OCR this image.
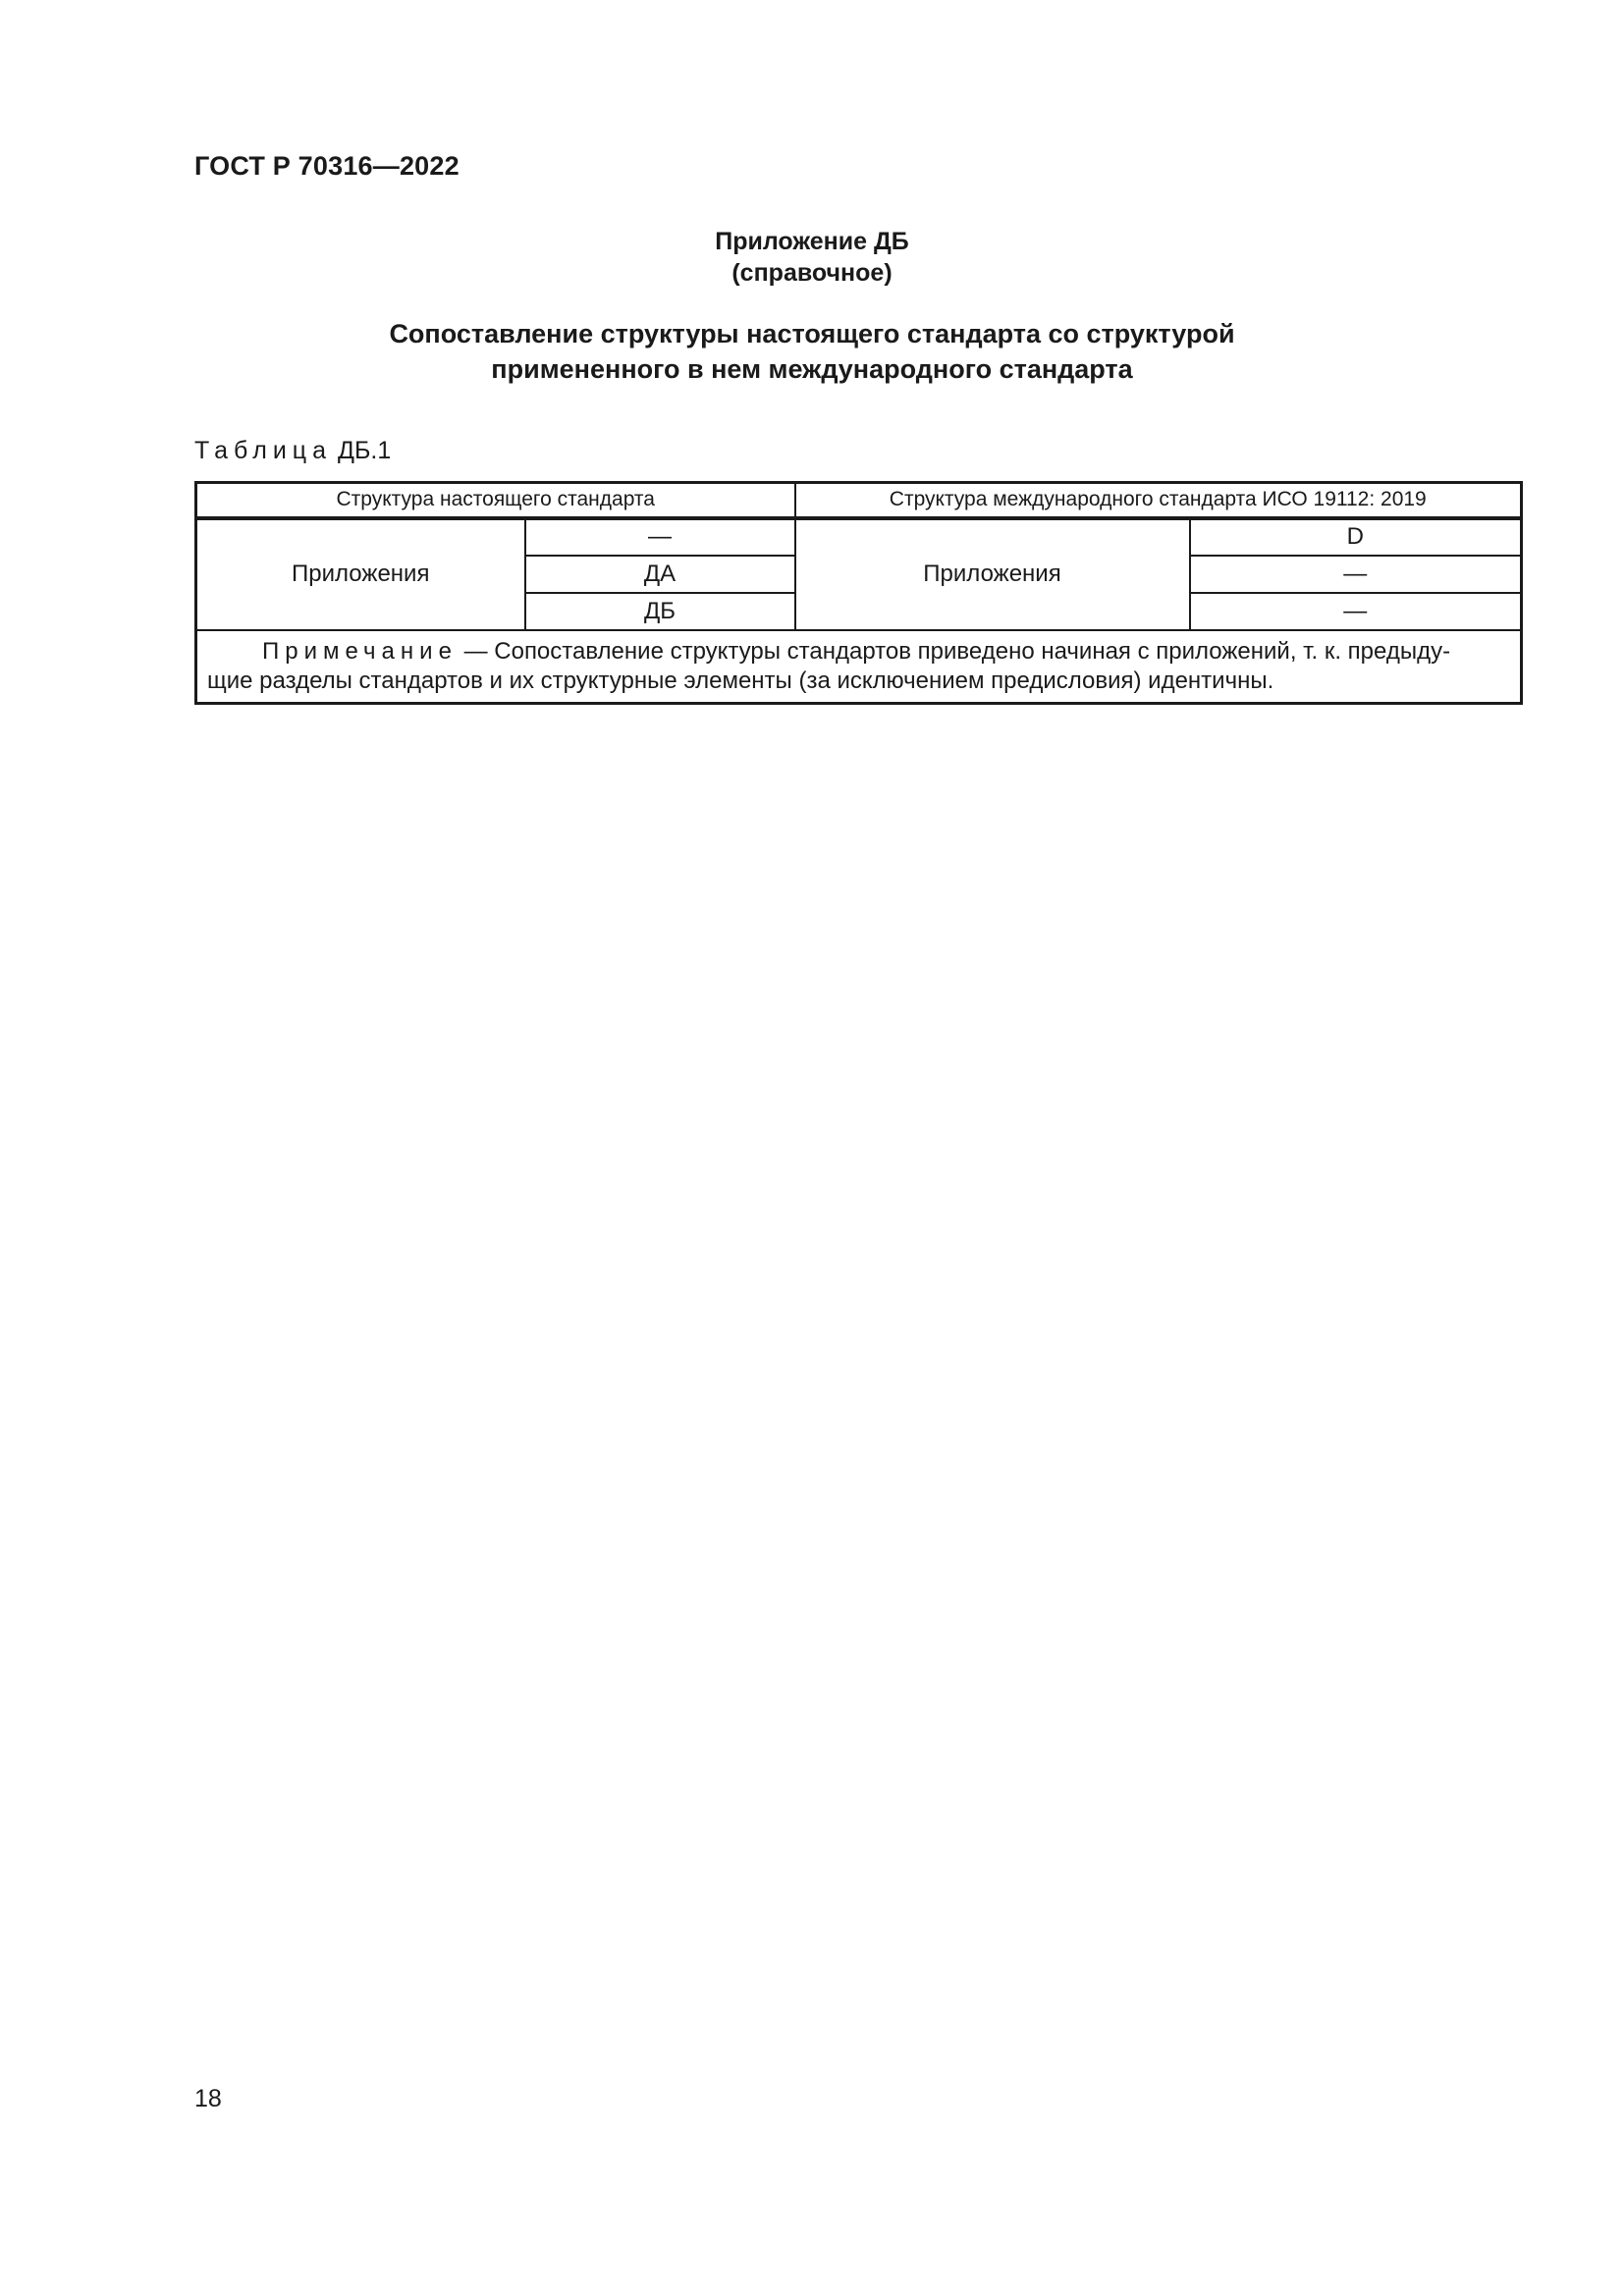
ГОСТ Р 70316—2022
Приложение ДБ
(справочное)
Сопоставление структуры настоящего стандарта со структурой
примененного в нем международного стандарта
Таблица ДБ.1
Структура настоящего стандарта		Структура международного стандарта ИСО 19112: 2019	
Приложения	—	Приложения	D
	ДА		—
	ДБ		—
Примечание — Сопоставление структуры стандартов приведено начиная с приложений, т. к. предыду-
щие разделы стандартов и их структурные элементы (за исключением предисловия) идентичны.			
18
